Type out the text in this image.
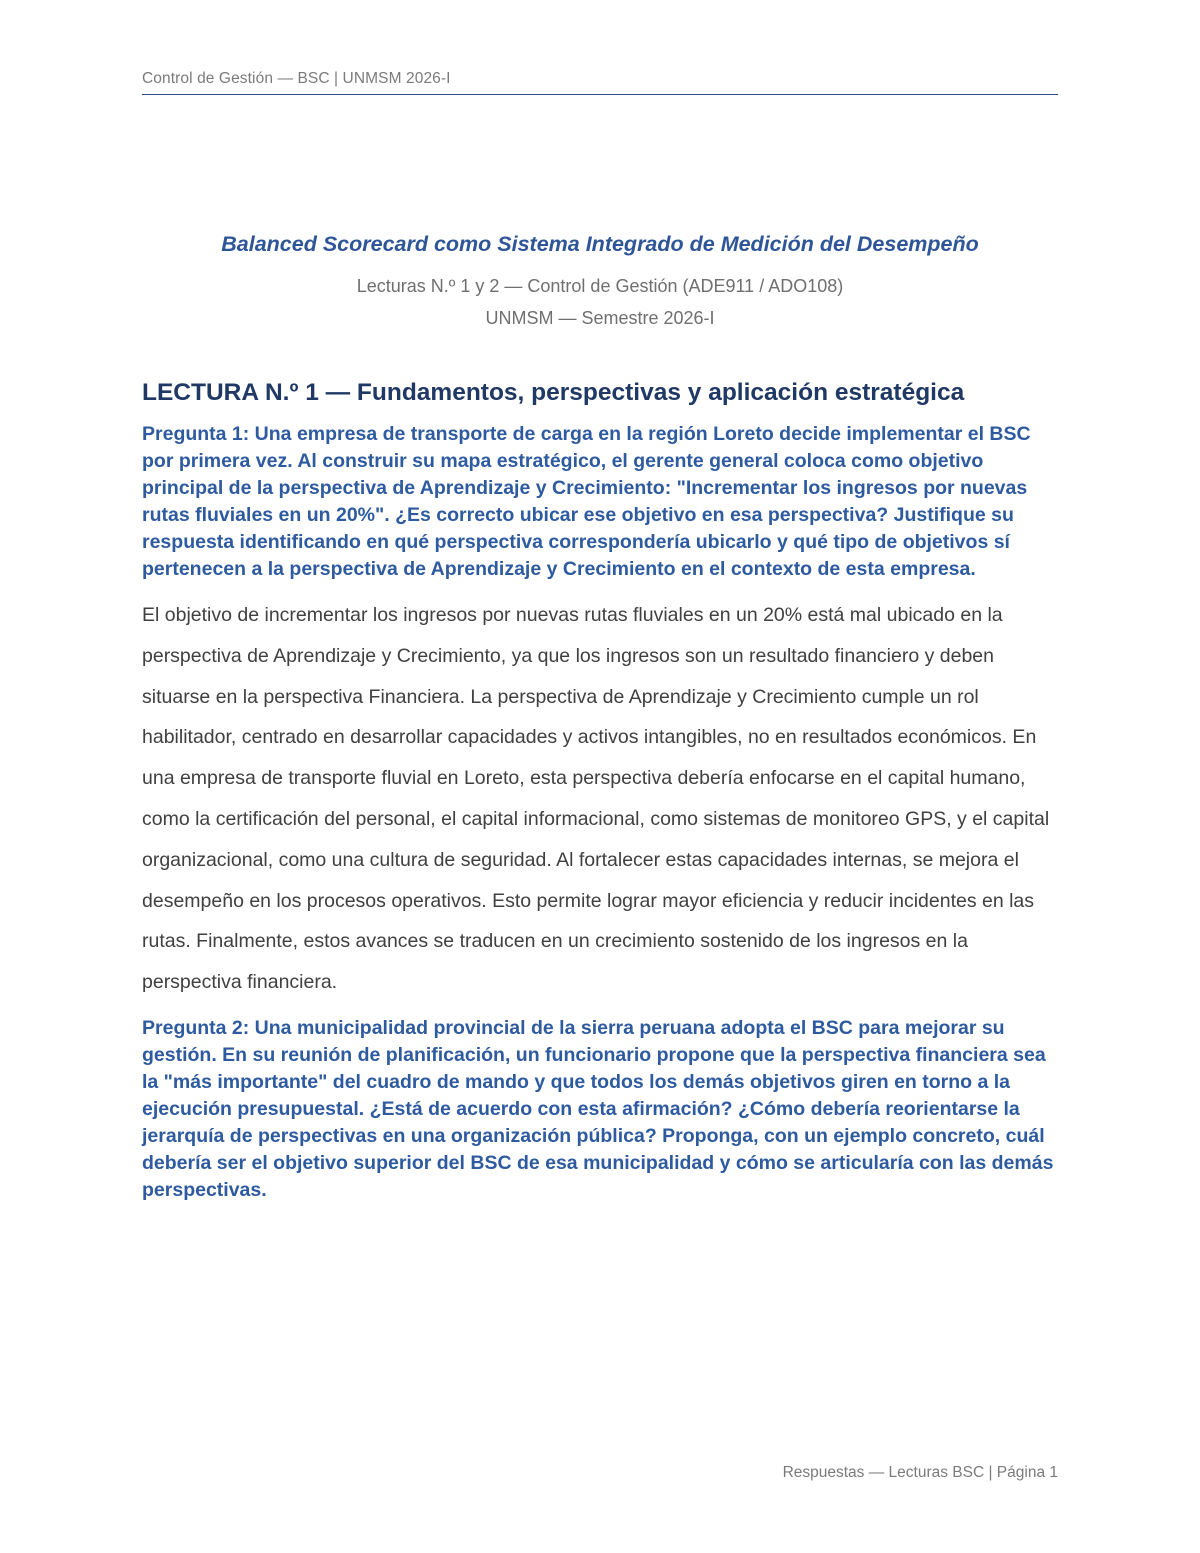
Control de Gestión — BSC | UNMSM 2026-I
Balanced Scorecard como Sistema Integrado de Medición del Desempeño
Lecturas N.º 1 y 2 — Control de Gestión (ADE911 / ADO108)
UNMSM — Semestre 2026-I
LECTURA N.º 1 — Fundamentos, perspectivas y aplicación estratégica

Pregunta 1: Una empresa de transporte de carga en la región Loreto decide implementar el BSC por primera vez. Al construir su mapa estratégico, el gerente general coloca como objetivo principal de la perspectiva de Aprendizaje y Crecimiento: "Incrementar los ingresos por nuevas rutas fluviales en un 20%". ¿Es correcto ubicar ese objetivo en esa perspectiva? Justifique su respuesta identificando en qué perspectiva correspondería ubicarlo y qué tipo de objetivos sí pertenecen a la perspectiva de Aprendizaje y Crecimiento en el contexto de esta empresa.

El objetivo de incrementar los ingresos por nuevas rutas fluviales en un 20% está mal ubicado en la perspectiva de Aprendizaje y Crecimiento, ya que los ingresos son un resultado financiero y deben situarse en la perspectiva Financiera. La perspectiva de Aprendizaje y Crecimiento cumple un rol habilitador, centrado en desarrollar capacidades y activos intangibles, no en resultados económicos. En una empresa de transporte fluvial en Loreto, esta perspectiva debería enfocarse en el capital humano, como la certificación del personal, el capital informacional, como sistemas de monitoreo GPS, y el capital organizacional, como una cultura de seguridad. Al fortalecer estas capacidades internas, se mejora el desempeño en los procesos operativos. Esto permite lograr mayor eficiencia y reducir incidentes en las rutas. Finalmente, estos avances se traducen en un crecimiento sostenido de los ingresos en la perspectiva financiera.

Pregunta 2: Una municipalidad provincial de la sierra peruana adopta el BSC para mejorar su gestión. En su reunión de planificación, un funcionario propone que la perspectiva financiera sea la "más importante" del cuadro de mando y que todos los demás objetivos giren en torno a la ejecución presupuestal. ¿Está de acuerdo con esta afirmación? ¿Cómo debería reorientarse la jerarquía de perspectivas en una organización pública? Proponga, con un ejemplo concreto, cuál debería ser el objetivo superior del BSC de esa municipalidad y cómo se articularía con las demás perspectivas.

Respuestas — Lecturas BSC | Página 1
